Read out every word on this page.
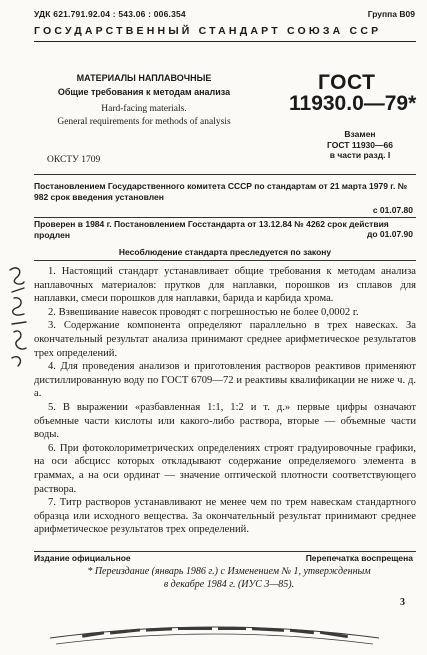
УДК 621.791.92.04 : 543.06 : 006.354	Группа В09
ГОСУДАРСТВЕННЫЙ СТАНДАРТ СОЮЗА ССР
МАТЕРИАЛЫ НАПЛАВОЧНЫЕ
Общие требования к методам анализа
Hard-facing materials.
General requirements for methods of analysis
ГОСТ
11930.0—79*
Взамен
ГОСТ 11930—66
в части разд. I
ОКСТУ 1709
Постановлением Государственного комитета СССР по стандартам от 21 марта 1979 г. № 982 срок введения установлен
с 01.07.80
Проверен в 1984 г. Постановлением Госстандарта от 13.12.84 № 4262 срок действия продлен	до 01.07.90
Несоблюдение стандарта преследуется по закону

1. Настоящий стандарт устанавливает общие требования к методам анализа наплавочных материалов: прутков для наплавки, порошков из сплавов для наплавки, смеси порошков для наплавки, барида и карбида хрома.

2. Взвешивание навесок проводят с погрешностью не более 0,0002 г.

3. Содержание компонента определяют параллельно в трех навесках. За окончательный результат анализа принимают среднее арифметическое результатов трех определений.

4. Для проведения анализов и приготовления растворов реактивов применяют дистиллированную воду по ГОСТ 6709—72 и реактивы квалификации не ниже ч. д. а.

5. В выражении «разбавленная 1:1, 1:2 и т. д.» первые цифры означают объемные части кислоты или какого-либо раствора, вторые — объемные части воды.

6. При фотоколориметрических определениях строят градуировочные графики, на оси абсцисс которых откладывают содержание определяемого элемента в граммах, а на оси ординат — значение оптической плотности соответствующего раствора.

7. Титр растворов устанавливают не менее чем по трем навескам стандартного образца или исходного вещества. За окончательный результат принимают среднее арифметическое результатов трех определений.

Издание официальное	Перепечатка воспрещена
* Переиздание (январь 1986 г.) с Изменением № 1, утвержденным
в декабре 1984 г. (ИУС 3—85).
3
